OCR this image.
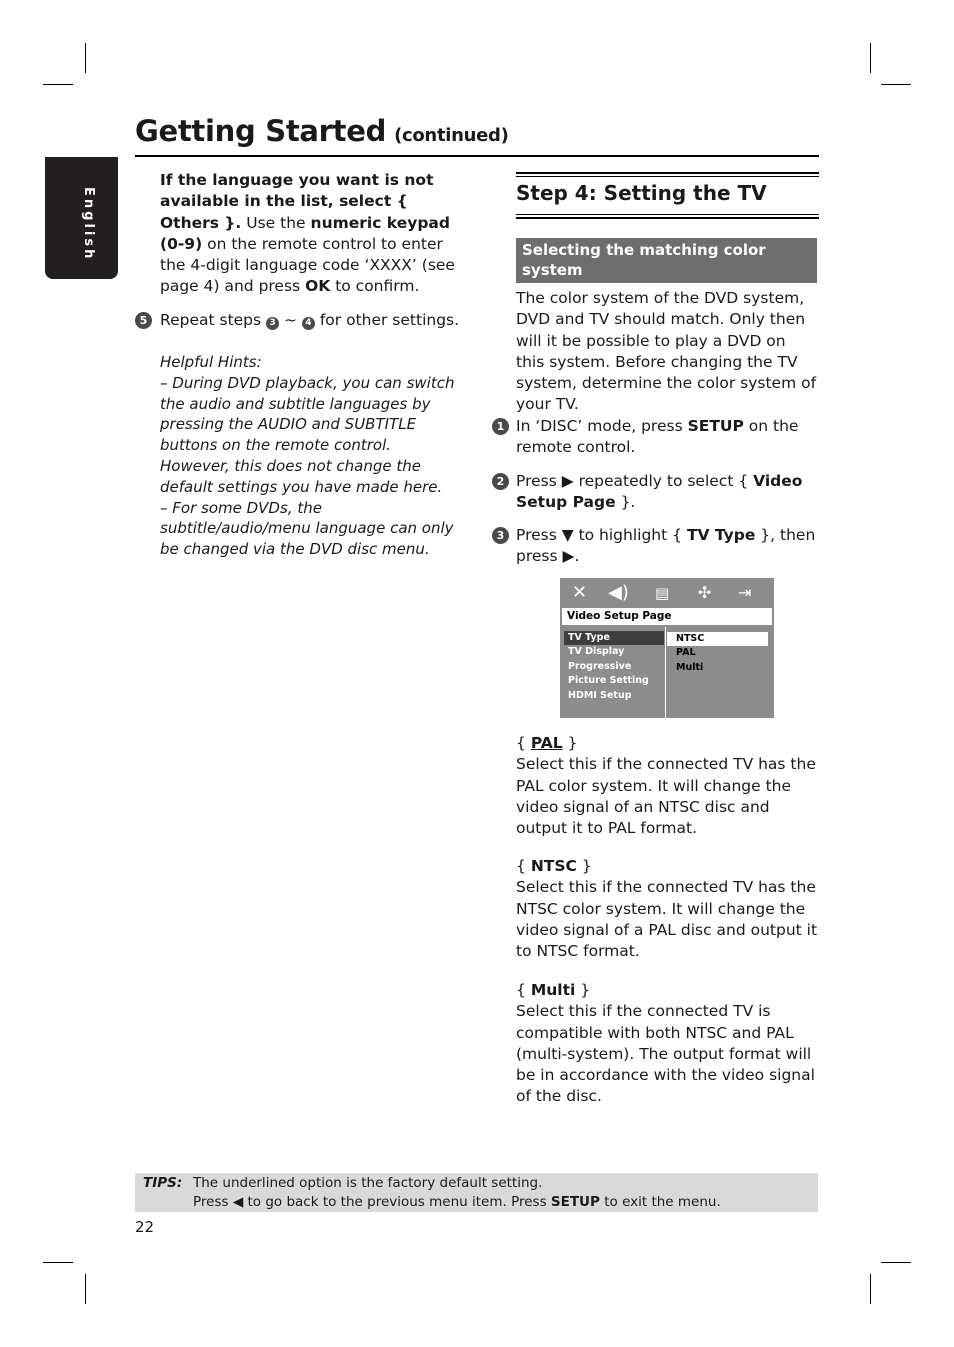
Getting Started (continued)
English

If the language you want is not available in the list, select { Others }. Use the numeric keypad (0-9) on the remote control to enter the 4-digit language code ‘XXXX’ (see page 4) and press OK to confirm.

5 Repeat steps 3 ~ 4 for other settings.

Helpful Hints:
– During DVD playback, you can switch the audio and subtitle languages by pressing the AUDIO and SUBTITLE buttons on the remote control. However, this does not change the default settings you have made here.
– For some DVDs, the subtitle/audio/menu language can only be changed via the DVD disc menu.

Step 4: Setting the TV
Selecting the matching color system

The color system of the DVD system, DVD and TV should match. Only then will it be possible to play a DVD on this system. Before changing the TV system, determine the color system of your TV.

1 In ‘DISC’ mode, press SETUP on the remote control.

2 Press ▶ repeatedly to select { Video Setup Page }.

3 Press ▼ to highlight { TV Type }, then press ▶.

✕ ◀) ▤ ✣ ⇥
Video Setup Page
TV Type
TV Display
Progressive
Picture Setting
HDMI Setup
NTSC
PAL
Multi

{ PAL }
Select this if the connected TV has the PAL color system. It will change the video signal of an NTSC disc and output it to PAL format.

{ NTSC }
Select this if the connected TV has the NTSC color system. It will change the video signal of a PAL disc and output it to NTSC format.

{ Multi }
Select this if the connected TV is compatible with both NTSC and PAL (multi-system). The output format will be in accordance with the video signal of the disc.

TIPS: The underlined option is the factory default setting.
Press ◀ to go back to the previous menu item. Press SETUP to exit the menu.
22
